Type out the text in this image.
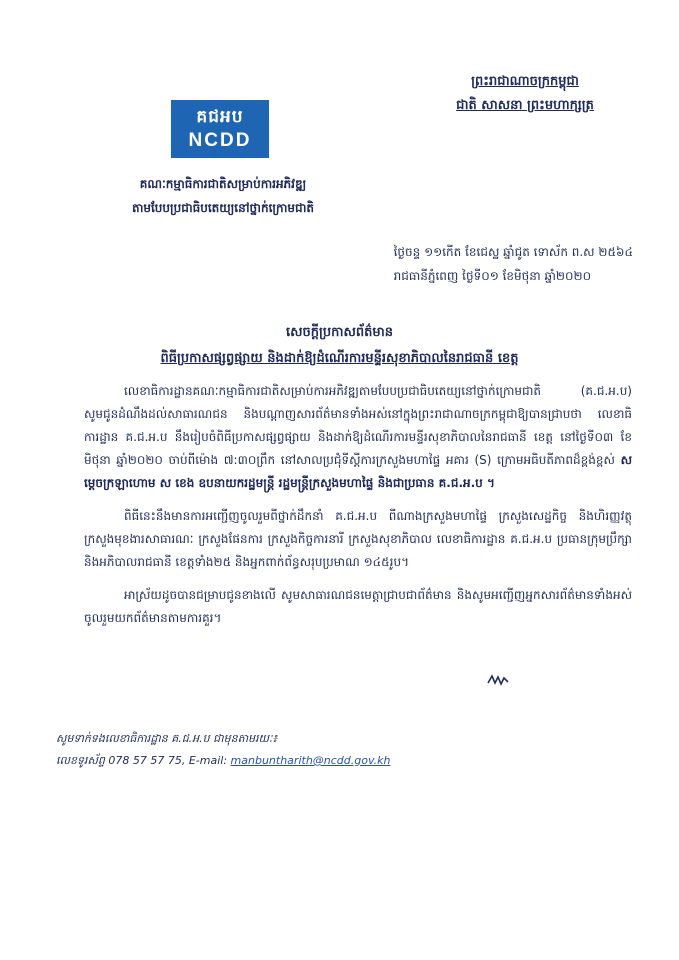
ព្រះរាជាណាចក្រកម្ពុជា
ជាតិ សាសនា ព្រះមហាក្សត្រ
គជអប
NCDD
គណៈកម្មាធិការជាតិសម្រាប់ការអភិវឌ្ឍ
តាមបែបប្រជាធិបតេយ្យនៅថ្នាក់ក្រោមជាតិ
ថ្ងៃចន្ទ ១១កើត ខែជេស្ឋ ឆ្នាំជូត ទោស័ក ព.ស ២៥៦៤
រាជធានីភ្នំពេញ ថ្ងៃទី០១ ខែមិថុនា ឆ្នាំ២០២០
សេចក្តីប្រកាសព័ត៌មាន
ពិធីប្រកាសផ្សព្វផ្សាយ និងដាក់ឱ្យដំណើរការមន្ទីរសុខាភិបាលនៃរាជធានី ខេត្ត

លេខាធិការដ្ឋានគណៈកម្មាធិការជាតិសម្រាប់ការអភិវឌ្ឍតាមបែបប្រជាធិបតេយ្យនៅថ្នាក់ក្រោមជាតិ (គ.ជ.អ.ប) សូមជូនដំណឹងដល់សាធារណជន និងបណ្តាញសារព័ត៌មានទាំងអស់នៅក្នុងព្រះរាជាណាចក្រកម្ពុជាឱ្យបានជ្រាបថា លេខាធិការដ្ឋាន គ.ជ.អ.ប នឹងរៀបចំពិធីប្រកាសផ្សព្វផ្សាយ និងដាក់ឱ្យដំណើរការមន្ទីរសុខាភិបាលនៃរាជធានី ខេត្ត នៅថ្ងៃទី០៣ ខែមិថុនា ឆ្នាំ២០២០ ចាប់ពីម៉ោង ៧:៣០ព្រឹក នៅសាលប្រជុំទីស្តីការក្រសួងមហាផ្ទៃ អគារ (S) ក្រោមអធិបតីភាពដ៏ខ្ពង់ខ្ពស់ សម្តេចក្រឡាហោម ស ខេង ឧបនាយករដ្ឋមន្ត្រី រដ្ឋមន្ត្រីក្រសួងមហាផ្ទៃ និងជាប្រធាន គ.ជ.អ.ប ។

ពិធីនេះនឹងមានការអញ្ជើញចូលរួមពីថ្នាក់ដឹកនាំ គ.ជ.អ.ប ពីណាងក្រសួងមហាផ្ទៃ ក្រសួងសេដ្ឋកិច្ច និងហិរញ្ញវត្ថុ ក្រសួងមុខងារសាធារណៈ ក្រសួងផែនការ ក្រសួងកិច្ចការនារី ក្រសួងសុខាភិបាល លេខាធិការដ្ឋាន គ.ជ.អ.ប ប្រធានក្រុមប្រឹក្សា និងអភិបាលរាជធានី ខេត្តទាំង២៥ និងអ្នកពាក់ព័ន្ធសរុបប្រមាណ ១៤៥រូប។

អាស្រ័យដូចបានជម្រាបជូនខាងលើ សូមសាធារណជនមេត្តាជ្រាបជាព័ត៌មាន និងសូមអញ្ជើញអ្នកសារព័ត៌មានទាំងអស់ចូលរួមយកព័ត៌មានតាមការគួរ។

សូមទាក់ទងលេខាធិការដ្ឋាន គ.ជ.អ.ប ជាមុនតាមរយៈ៖
លេខទូរស័ព្ទ 078 57 57 75, E-mail: manbuntharith@ncdd.gov.kh
